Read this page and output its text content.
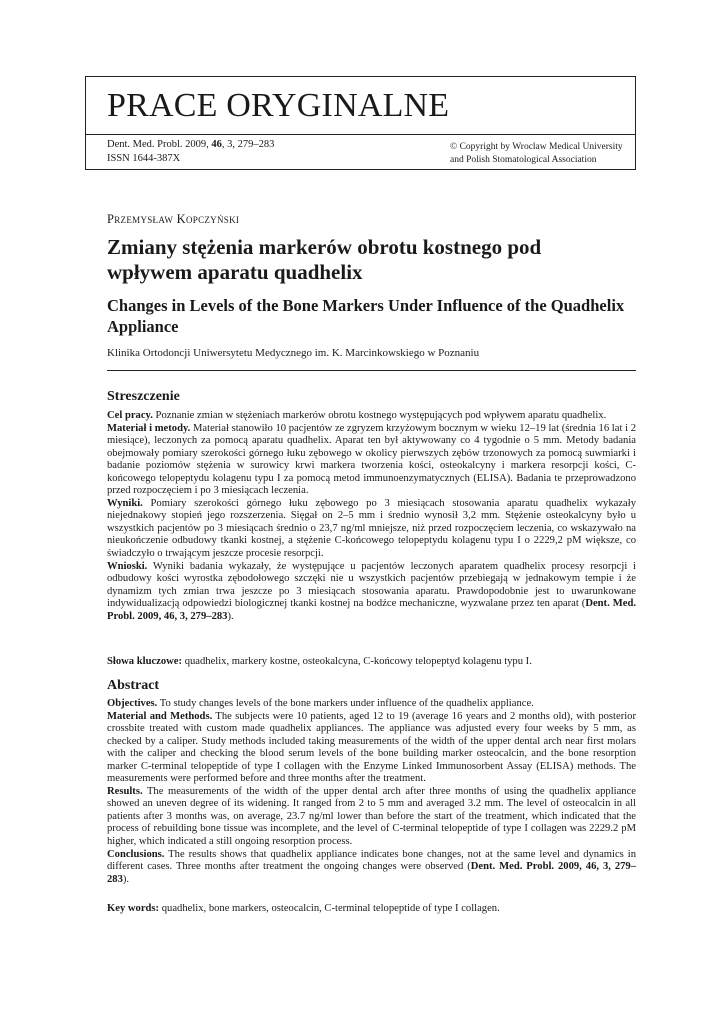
PRACE ORYGINALNE
Dent. Med. Probl. 2009, 46, 3, 279–283
ISSN 1644-387X
© Copyright by Wroclaw Medical University
and Polish Stomatological Association
Przemysław Kopczyński
Zmiany stężenia markerów obrotu kostnego pod wpływem aparatu quadhelix
Changes in Levels of the Bone Markers Under Influence of the Quadhelix Appliance
Klinika Ortodoncji Uniwersytetu Medycznego im. K. Marcinkowskiego w Poznaniu
Streszczenie

Cel pracy. Poznanie zmian w stężeniach markerów obrotu kostnego występujących pod wpływem aparatu quadhelix.

Materiał i metody. Materiał stanowiło 10 pacjentów ze zgryzem krzyżowym bocznym w wieku 12–19 lat (średnia 16 lat i 2 miesiące), leczonych za pomocą aparatu quadhelix. Aparat ten był aktywowany co 4 tygodnie o 5 mm. Metody badania obejmowały pomiary szerokości górnego łuku zębowego w okolicy pierwszych zębów trzonowych za pomocą suwmiarki i badanie poziomów stężenia w surowicy krwi markera tworzenia kości, osteokalcyny i markera resorpcji kości, C-końcowego telopeptydu kolagenu typu I za pomocą metod immunoenzymatycznych (ELISA). Badania te przeprowadzono przed rozpoczęciem i po 3 miesiącach leczenia.

Wyniki. Pomiary szerokości górnego łuku zębowego po 3 miesiącach stosowania aparatu quadhelix wykazały niejednakowy stopień jego rozszerzenia. Sięgał on 2–5 mm i średnio wynosił 3,2 mm. Stężenie osteokalcyny było u wszystkich pacjentów po 3 miesiącach średnio o 23,7 ng/ml mniejsze, niż przed rozpoczęciem leczenia, co wskazywało na nieukończenie odbudowy tkanki kostnej, a stężenie C-końcowego telopeptydu kolagenu typu I o 2229,2 pM większe, co świadczyło o trwającym jeszcze procesie resorpcji.

Wnioski. Wyniki badania wykazały, że występujące u pacjentów leczonych aparatem quadhelix procesy resorpcji i odbudowy kości wyrostka zębodołowego szczęki nie u wszystkich pacjentów przebiegają w jednakowym tempie i że dynamizm tych zmian trwa jeszcze po 3 miesiącach stosowania aparatu. Prawdopodobnie jest to uwarunkowane indywidualizacją odpowiedzi biologicznej tkanki kostnej na bodźce mechaniczne, wyzwalane przez ten aparat (Dent. Med. Probl. 2009, 46, 3, 279–283).

Słowa kluczowe: quadhelix, markery kostne, osteokalcyna, C-końcowy telopeptyd kolagenu typu I.
Abstract

Objectives. To study changes levels of the bone markers under influence of the quadhelix appliance.

Material and Methods. The subjects were 10 patients, aged 12 to 19 (average 16 years and 2 months old), with posterior crossbite treated with custom made quadhelix appliances. The appliance was adjusted every four weeks by 5 mm, as checked by a caliper. Study methods included taking measurements of the width of the upper dental arch near first molars with the caliper and checking the blood serum levels of the bone building marker osteocalcin, and the bone resorption marker C-terminal telopeptide of type I collagen with the Enzyme Linked Immunosorbent Assay (ELISA) methods. The measurements were performed before and three months after the treatment.

Results. The measurements of the width of the upper dental arch after three months of using the quadhelix appliance showed an uneven degree of its widening. It ranged from 2 to 5 mm and averaged 3.2 mm. The level of osteocalcin in all patients after 3 months was, on average, 23.7 ng/ml lower than before the start of the treatment, which indicated that the process of rebuilding bone tissue was incomplete, and the level of C-terminal telopeptide of type I collagen was 2229.2 pM higher, which indicated a still ongoing resorption process.

Conclusions. The results shows that quadhelix appliance indicates bone changes, not at the same level and dynamics in different cases. Three months after treatment the ongoing changes were observed (Dent. Med. Probl. 2009, 46, 3, 279–283).

Key words: quadhelix, bone markers, osteocalcin, C-terminal telopeptide of type I collagen.
